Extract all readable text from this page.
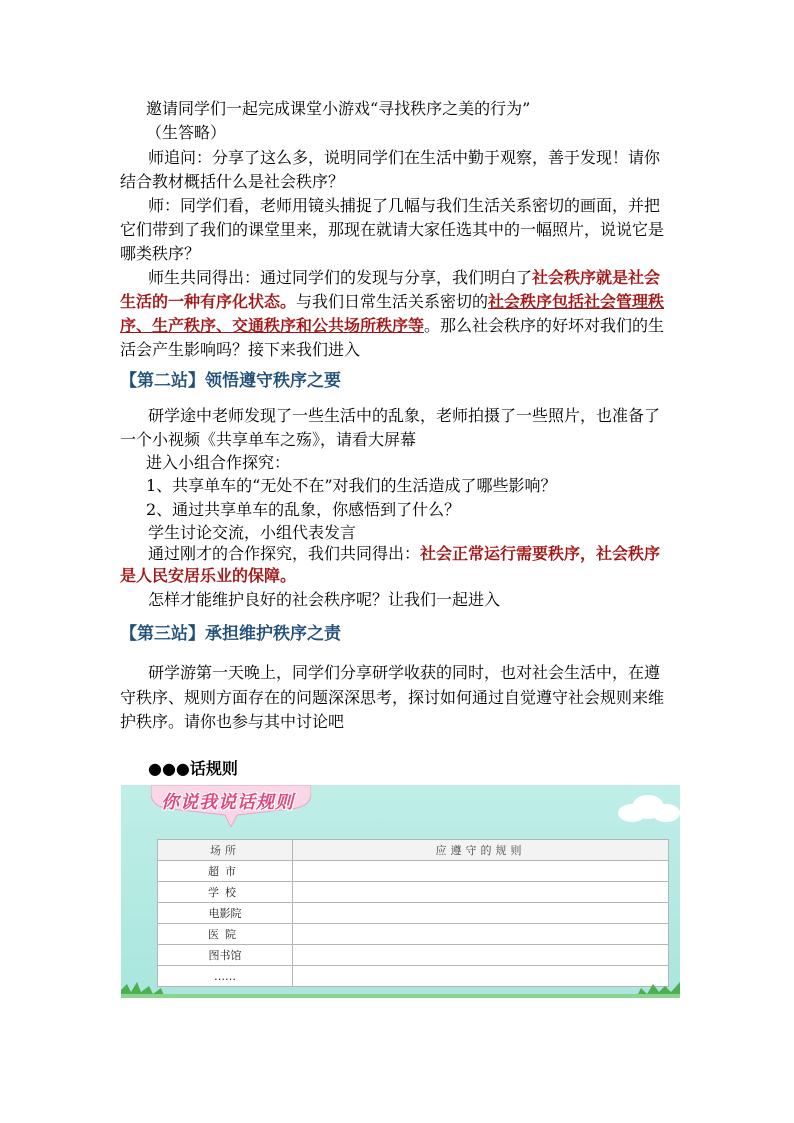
邀请同学们一起完成课堂小游戏“寻找秩序之美的行为”
（生答略）
师追问：分享了这么多，说明同学们在生活中勤于观察，善于发现！请你
结合教材概括什么是社会秩序？
师：同学们看，老师用镜头捕捉了几幅与我们生活关系密切的画面，并把
它们带到了我们的课堂里来，那现在就请大家任选其中的一幅照片，说说它是
哪类秩序？
师生共同得出：通过同学们的发现与分享，我们明白了社会秩序就是社会
生活的一种有序化状态。与我们日常生活关系密切的社会秩序包括社会管理秩
序、生产秩序、交通秩序和公共场所秩序等。那么社会秩序的好坏对我们的生
活会产生影响吗？接下来我们进入
【第二站】领悟遵守秩序之要
研学途中老师发现了一些生活中的乱象，老师拍摄了一些照片，也准备了
一个小视频《共享单车之殇》，请看大屏幕
进入小组合作探究：
1、共享单车的“无处不在”对我们的生活造成了哪些影响？
2、通过共享单车的乱象，你感悟到了什么？
学生讨论交流，小组代表发言
通过刚才的合作探究，我们共同得出：社会正常运行需要秩序，社会秩序
是人民安居乐业的保障。
怎样才能维护良好的社会秩序呢？让我们一起进入
【第三站】承担维护秩序之责
研学游第一天晚上，同学们分享研学收获的同时，也对社会生活中，在遵
守秩序、规则方面存在的问题深深思考，探讨如何通过自觉遵守社会规则来维
护秩序。请你也参与其中讨论吧
●●●话规则
你说我说话规则
场所	应遵守的规则
超市	
学校	
电影院	
医院	
图书馆	
……	
